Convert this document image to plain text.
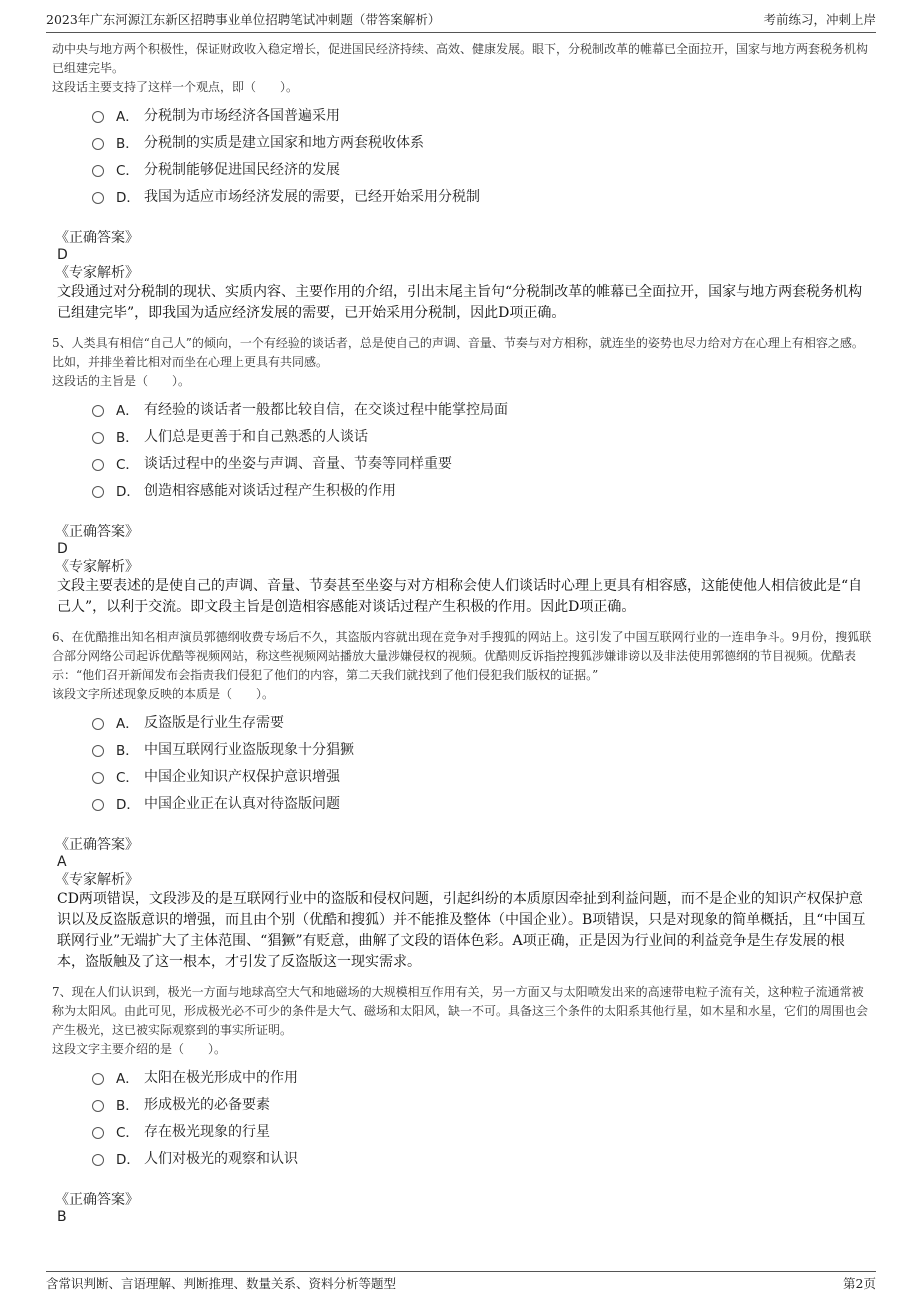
2023年广东河源江东新区招聘事业单位招聘笔试冲刺题（带答案解析）	考前练习，冲刺上岸

动中央与地方两个积极性，保证财政收入稳定增长，促进国民经济持续、高效、健康发展。眼下，分税制改革的帷幕已全面拉开，国家与地方两套税务机构已组建完毕。

这段话主要支持了这样一个观点，即（　　）。

A． 分税制为市场经济各国普遍采用
B． 分税制的实质是建立国家和地方两套税收体系
C． 分税制能够促进国民经济的发展
D． 我国为适应市场经济发展的需要，已经开始采用分税制
《正确答案》
D
《专家解析》

文段通过对分税制的现状、实质内容、主要作用的介绍，引出末尾主旨句“分税制改革的帷幕已全面拉开，国家与地方两套税务机构已组建完毕”，即我国为适应经济发展的需要，已开始采用分税制，因此D项正确。

5、人类具有相信“自己人”的倾向，一个有经验的谈话者，总是使自己的声调、音量、节奏与对方相称，就连坐的姿势也尽力给对方在心理上有相容之感。比如，并排坐着比相对而坐在心理上更具有共同感。

这段话的主旨是（　　）。

A． 有经验的谈话者一般都比较自信，在交谈过程中能掌控局面
B． 人们总是更善于和自己熟悉的人谈话
C． 谈话过程中的坐姿与声调、音量、节奏等同样重要
D． 创造相容感能对谈话过程产生积极的作用
《正确答案》
D
《专家解析》

文段主要表述的是使自己的声调、音量、节奏甚至坐姿与对方相称会使人们谈话时心理上更具有相容感，这能使他人相信彼此是“自己人”，以利于交流。即文段主旨是创造相容感能对谈话过程产生积极的作用。因此D项正确。

6、在优酷推出知名相声演员郭德纲收费专场后不久，其盗版内容就出现在竞争对手搜狐的网站上。这引发了中国互联网行业的一连串争斗。9月份，搜狐联合部分网络公司起诉优酷等视频网站，称这些视频网站播放大量涉嫌侵权的视频。优酷则反诉指控搜狐涉嫌诽谤以及非法使用郭德纲的节目视频。优酷表示：“他们召开新闻发布会指责我们侵犯了他们的内容，第二天我们就找到了他们侵犯我们版权的证据。”

该段文字所述现象反映的本质是（　　）。

A． 反盗版是行业生存需要
B． 中国互联网行业盗版现象十分猖獗
C． 中国企业知识产权保护意识增强
D． 中国企业正在认真对待盗版问题
《正确答案》
A
《专家解析》

CD两项错误，文段涉及的是互联网行业中的盗版和侵权问题，引起纠纷的本质原因牵扯到利益问题，而不是企业的知识产权保护意识以及反盗版意识的增强，而且由个别（优酷和搜狐）并不能推及整体（中国企业）。B项错误，只是对现象的简单概括，且“中国互联网行业”无端扩大了主体范围、“猖獗”有贬意，曲解了文段的语体色彩。A项正确，正是因为行业间的利益竞争是生存发展的根本，盗版触及了这一根本，才引发了反盗版这一现实需求。

7、现在人们认识到，极光一方面与地球高空大气和地磁场的大规模相互作用有关，另一方面又与太阳喷发出来的高速带电粒子流有关，这种粒子流通常被称为太阳风。由此可见，形成极光必不可少的条件是大气、磁场和太阳风，缺一不可。具备这三个条件的太阳系其他行星，如木星和水星，它们的周围也会产生极光，这已被实际观察到的事实所证明。

这段文字主要介绍的是（　　）。

A． 太阳在极光形成中的作用
B． 形成极光的必备要素
C． 存在极光现象的行星
D． 人们对极光的观察和认识
《正确答案》
B
含常识判断、言语理解、判断推理、数量关系、资料分析等题型	第2页
